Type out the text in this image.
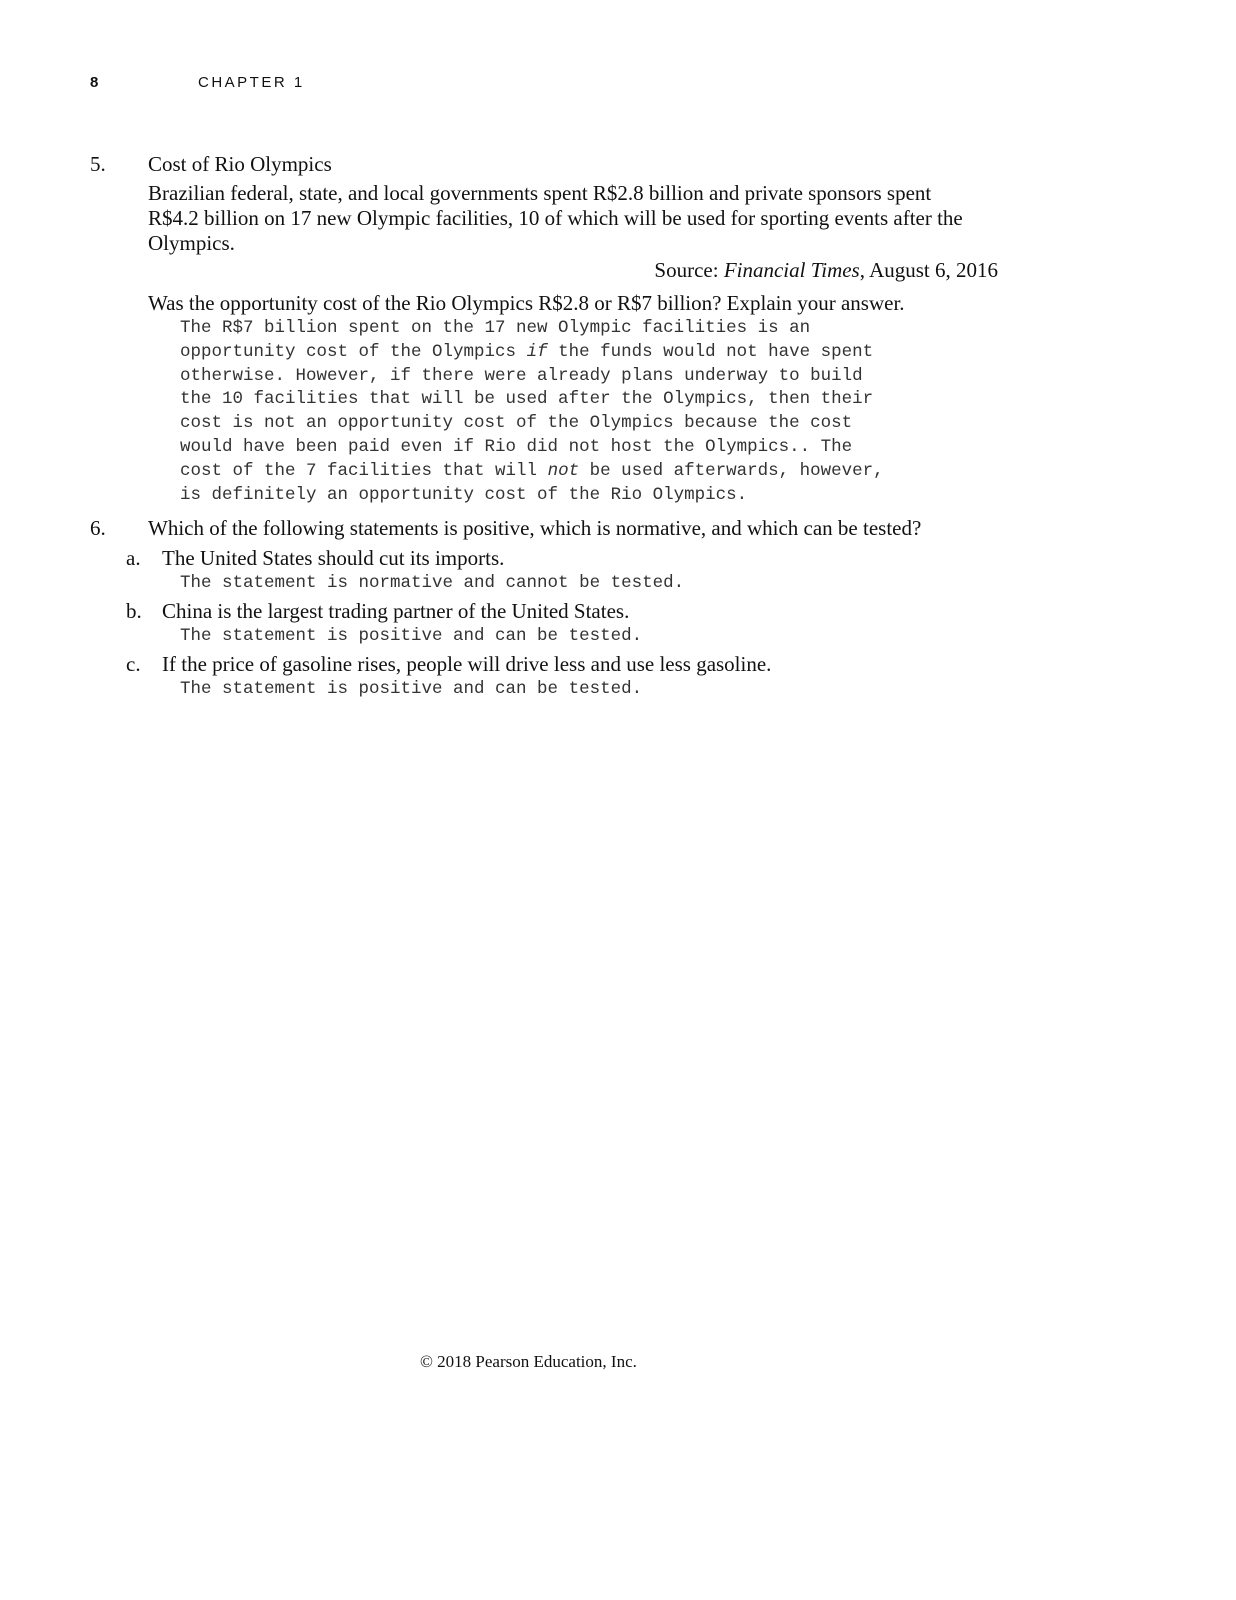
8	CHAPTER 1
5. Cost of Rio Olympics
Brazilian federal, state, and local governments spent R$2.8 billion and private sponsors spent
R$4.2 billion on 17 new Olympic facilities, 10 of which will be used for sporting events after the
Olympics.
Source: Financial Times, August 6, 2016
Was the opportunity cost of the Rio Olympics R$2.8 or R$7 billion? Explain your answer.
The R$7 billion spent on the 17 new Olympic facilities is an
opportunity cost of the Olympics if the funds would not have spent
otherwise. However, if there were already plans underway to build
the 10 facilities that will be used after the Olympics, then their
cost is not an opportunity cost of the Olympics because the cost
would have been paid even if Rio did not host the Olympics.. The
cost of the 7 facilities that will not be used afterwards, however,
is definitely an opportunity cost of the Rio Olympics.
6. Which of the following statements is positive, which is normative, and which can be tested?
a. The United States should cut its imports.
The statement is normative and cannot be tested.
b. China is the largest trading partner of the United States.
The statement is positive and can be tested.
c. If the price of gasoline rises, people will drive less and use less gasoline.
The statement is positive and can be tested.
© 2018 Pearson Education, Inc.
